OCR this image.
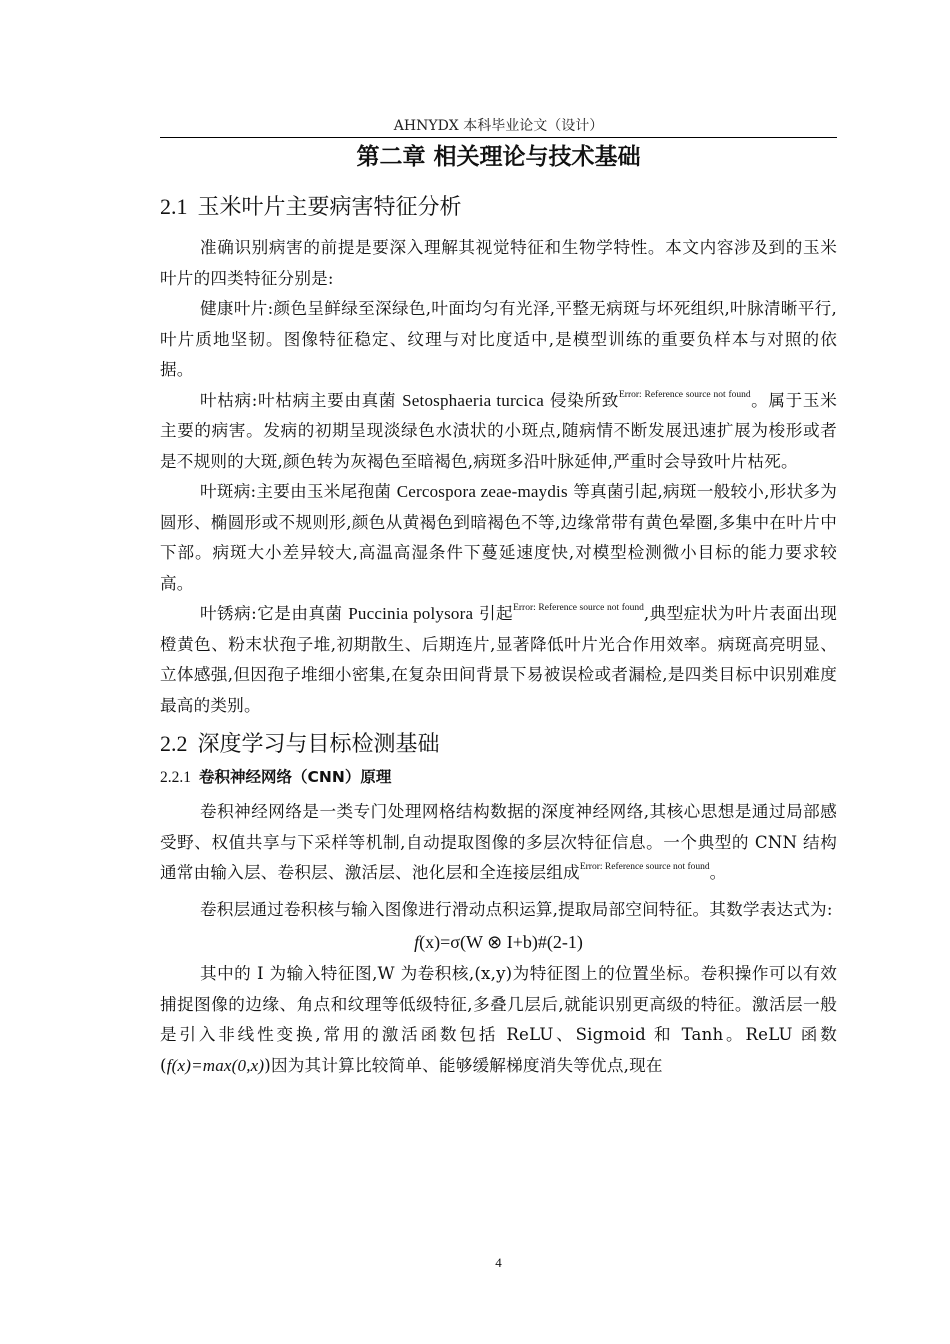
AHNYDX 本科毕业论文（设计）
第二章 相关理论与技术基础
2.1 玉米叶片主要病害特征分析

准确识别病害的前提是要深入理解其视觉特征和生物学特性。本文内容涉及到的玉米叶片的四类特征分别是:

健康叶片:颜色呈鲜绿至深绿色,叶面均匀有光泽,平整无病斑与坏死组织,叶脉清晰平行,叶片质地坚韧。图像特征稳定、纹理与对比度适中,是模型训练的重要负样本与对照的依据。

叶枯病:叶枯病主要由真菌 Setosphaeria turcica 侵染所致$^{Error: Reference source not found}$。属于玉米主要的病害。发病的初期呈现淡绿色水渍状的小斑点,随病情不断发展迅速扩展为梭形或者是不规则的大斑,颜色转为灰褐色至暗褐色,病斑多沿叶脉延伸,严重时会导致叶片枯死。

叶斑病:主要由玉米尾孢菌 Cercospora zeae-maydis 等真菌引起,病斑一般较小,形状多为圆形、椭圆形或不规则形,颜色从黄褐色到暗褐色不等,边缘常带有黄色晕圈,多集中在叶片中下部。病斑大小差异较大,高温高湿条件下蔓延速度快,对模型检测微小目标的能力要求较高。

叶锈病:它是由真菌 Puccinia polysora 引起$^{Error: Reference source not found}$,典型症状为叶片表面出现橙黄色、粉末状孢子堆,初期散生、后期连片,显著降低叶片光合作用效率。病斑高亮明显、立体感强,但因孢子堆细小密集,在复杂田间背景下易被误检或者漏检,是四类目标中识别难度最高的类别。

2.2 深度学习与目标检测基础
2.2.1 卷积神经网络（CNN）原理

卷积神经网络是一类专门处理网格结构数据的深度神经网络,其核心思想是通过局部感受野、权值共享与下采样等机制,自动提取图像的多层次特征信息。一个典型的 CNN 结构通常由输入层、卷积层、激活层、池化层和全连接层组成$^{Error: Reference source not found}$。

卷积层通过卷积核与输入图像进行滑动点积运算,提取局部空间特征。其数学表达式为:

f(x)=σ(W ⊗ I+b)#(2-1)

其中的 I 为输入特征图,W 为卷积核,(x,y)为特征图上的位置坐标。卷积操作可以有效捕捉图像的边缘、角点和纹理等低级特征,多叠几层后,就能识别更高级的特征。激活层一般是引入非线性变换,常用的激活函数包括 ReLU、Sigmoid 和 Tanh。ReLU 函数(f(x)=max(0,x))因为其计算比较简单、能够缓解梯度消失等优点,现在

4
